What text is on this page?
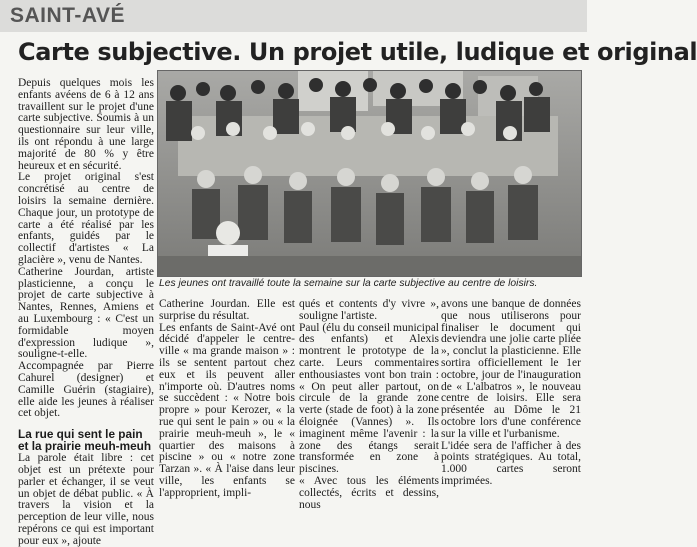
SAINT-AVÉ
Carte subjective. Un projet utile, ludique et original

Depuis quelques mois les enfants avéens de 6 à 12 ans travaillent sur le projet d'une carte subjective. Soumis à un questionnaire sur leur ville, ils ont répondu à une large majorité de 80 % y être heureux et en sécurité.

Le projet original s'est concrétisé au centre de loisirs la semaine dernière. Chaque jour, un prototype de carte a été réalisé par les enfants, guidés par le collectif d'artistes « La glacière », venu de Nantes.

Catherine Jourdan, artiste plasticienne, a conçu le projet de carte subjective à Nantes, Rennes, Amiens et au Luxembourg : « C'est un formidable moyen d'expression ludique », souligne-t-elle. Accompagnée par Pierre Cahurel (designer) et Camille Guérin (stagiaire), elle aide les jeunes à réaliser cet objet.

La rue qui sent le pain et la prairie meuh-meuh

La parole était libre : cet objet est un prétexte pour parler et échanger, il se veut un objet de débat public. « À travers la vision et la perception de leur ville, nous repérons ce qui est important pour eux », ajoute

Les jeunes ont travaillé toute la semaine sur la carte subjective au centre de loisirs.

Catherine Jourdan. Elle est surprise du résultat.

Les enfants de Saint-Avé ont décidé d'appeler le centre-ville « ma grande maison » : ils se sentent partout chez eux et ils peuvent aller n'importe où. D'autres noms se succèdent : « Notre bois propre » pour Kerozer, « la rue qui sent le pain » ou « la prairie meuh-meuh », le « quartier des maisons à piscine » ou « notre zone Tarzan ». « À l'aise dans leur ville, les enfants se l'approprient, impli-

qués et contents d'y vivre », souligne l'artiste.

Paul (élu du conseil municipal des enfants) et Alexis montrent le prototype de la carte. Leurs commentaires enthousiastes vont bon train : « On peut aller partout, on circule de la grande zone verte (stade de foot) à la zone éloignée (Vannes) ». Ils imaginent même l'avenir : la zone des étangs serait transformée en zone à piscines.

« Avec tous les éléments collectés, écrits et dessins, nous

avons une banque de données que nous utiliserons pour finaliser le document qui deviendra une jolie carte pliée », conclut la plasticienne. Elle sortira officiellement le 1er octobre, jour de l'inauguration de « L'albatros », le nouveau centre de loisirs. Elle sera présentée au Dôme le 21 octobre lors d'une conférence sur la ville et l'urbanisme.

L'idée sera de l'afficher à des points stratégiques. Au total, 1.000 cartes seront imprimées.
